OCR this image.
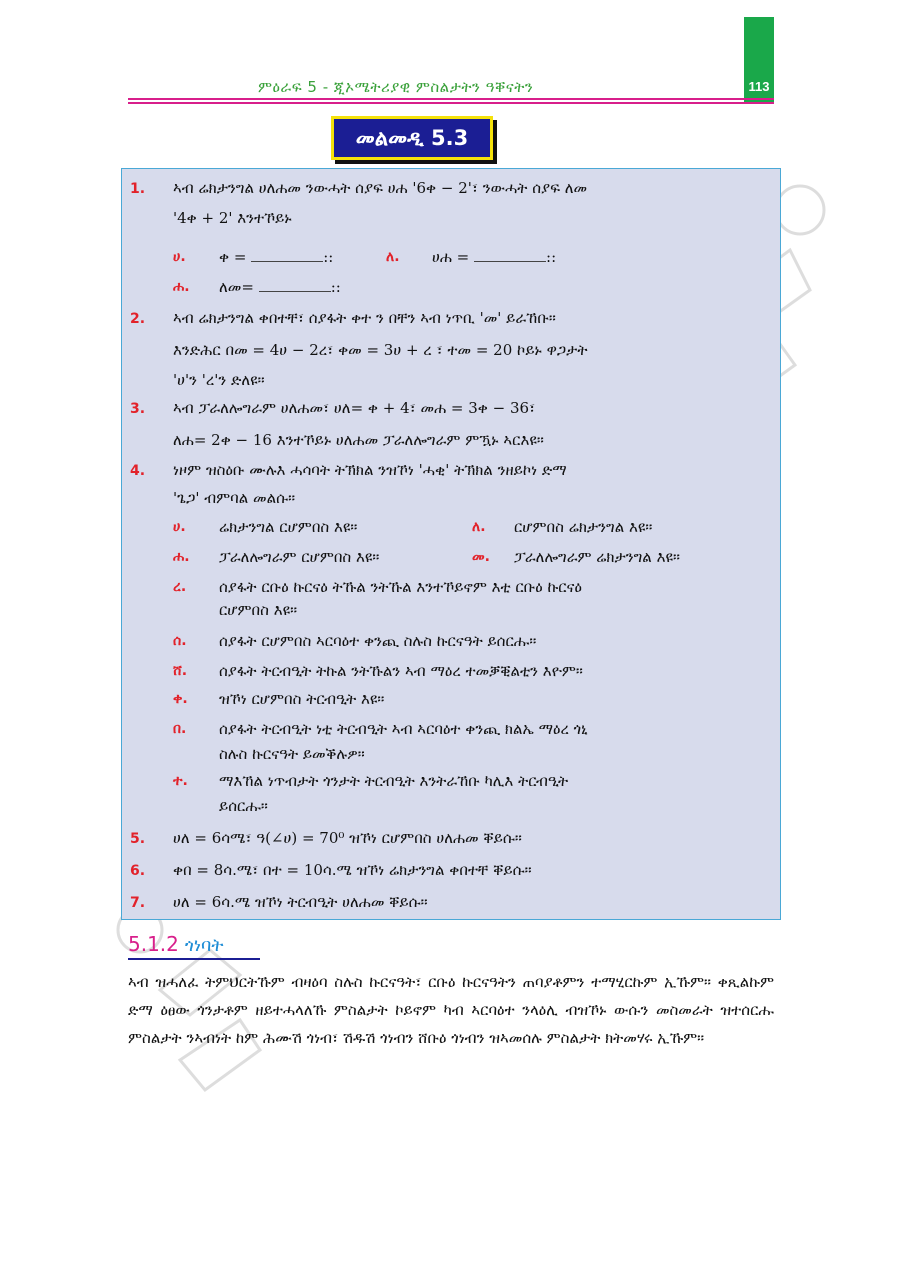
113
ምዕራፍ 5 - ጂኦሜትሪያዊ ምስልታትን ዓቐናትን
መልመዲ 5.3
1. ኣብ ሬክታንግል ሀለሐመ ንውሓት ሰያፍ ሀሐ '6ቀ − 2'፣ ንውሓት ሰያፍ ለመ
'4ቀ + 2' እንተኾይኑ
ሀ. ቀ =	::	ለ. ሀሐ =	::
ሐ. ለመ=	::
2. ኣብ ሬክታንግል ቀበተቸ፣ ሰያፋት ቀተ ን በቸን ኣብ ነጥቢ 'መ' ይራኸቡ።
እንድሕር በመ = 4ሀ − 2ረ፣ ቀመ = 3ሀ + ረ ፣ ተመ = 20 ኮይኑ ዋጋታት
'ሀ'ን 'ረ'ን ድለዩ።
3. ኣብ ፓራለሎግራም ሀለሐመ፣ ሀለ= ቀ + 4፣ መሐ = 3ቀ − 36፣
ለሐ= 2ቀ − 16 እንተኾይኑ ሀለሐመ ፓራለሎግራም ምዃኑ ኣርእዩ።
4. ነዞም ዝስዕቡ ሙሉእ ሓሳባት ትኽክል ንዝኾነ 'ሓቂ' ትኽክል ንዘይኮነ ድማ
'ጌጋ' ብምባል መልሱ።
ሀ. ሬክታንግል ርሆምበስ እዩ።	ለ. ርሆምበስ ሬክታንግል እዩ።
ሐ. ፓራለሎግራም ርሆምበስ እዩ።	መ. ፓራለሎግራም ሬክታንግል እዩ።
ረ. ሰያፋት ርቡዕ ኩርናዕ ትኹል ንትኹል እንተኾይኖም እቲ ርቡዕ ኩርናዕ
ርሆምበስ እዩ።
ሰ. ሰያፋት ርሆምበስ ኣርባዕተ ቀንጪ ስሉስ ኩርናዓት ይሰርሑ።
ሸ. ሰያፋት ትርብዒት ትኩል ንትኹልን ኣብ ማዕረ ተመቓቒልቲን እዮም።
ቀ. ዝኾነ ርሆምበስ ትርብዒት እዩ።
በ. ሰያፋት ትርብዒት ነቲ ትርብዒት ኣብ ኣርባዕተ ቀንጪ ክልኤ ማዕረ ጎኒ
ስሉስ ኩርናዓት ይመቕሉዎ።
ተ. ማእኸል ነጥብታት ጎንታት ትርብዒት እንትራኸቡ ካሊእ ትርብዒት
ይሰርሑ።
5. ሀለ = 6ሳሜ፣ ዓ(∠ሀ) = 70⁰ ዝኾነ ርሆምበስ ሀለሐመ ቐይሱ።
6. ቀበ = 8ሳ.ሜ፣ በተ = 10ሳ.ሜ ዝኾነ ሬክታንግል ቀበተቸ ቐይሱ።
7. ሀለ = 6ሳ.ሜ ዝኾነ ትርብዒት ሀለሐመ ቐይሱ።
5.1.2 ጎነባት
ኣብ ዝሓለፈ ትምህርትኹም ብዛዕባ ስሉስ ኩርናዓት፣ ርቡዕ ኩርናዓትን ጠባያቶምን ተማሂርኩም ኢኹም። ቀጺልኩም ድማ ዕፀው ጎንታቶም ዘይተሓላለኹ ምስልታት ኮይኖም ካብ ኣርባዕተ ንላዕሊ ብዝኾኑ ውሱን መስመራት ዝተሰርሑ ምስልታት ንኣብነት ከም ሕሙሽ ጎነብ፣ ሽዱሽ ጎነብን ሸቡዕ ጎነብን ዝኣመሰሉ ምስልታት ክትመሃሩ ኢኹም።
